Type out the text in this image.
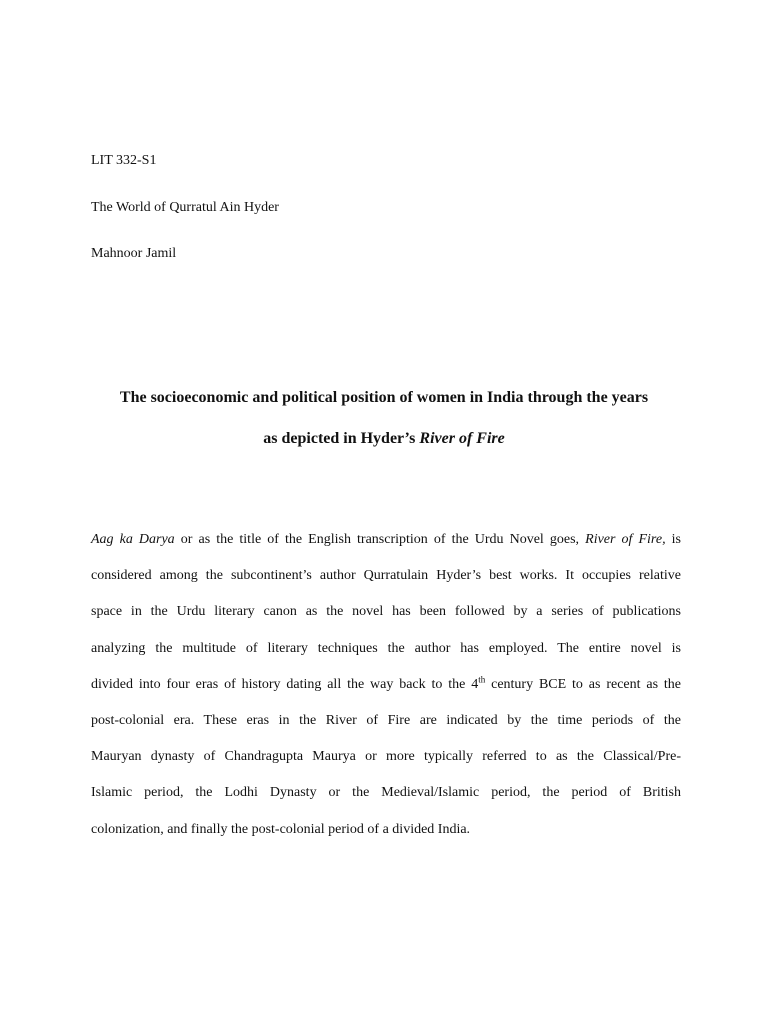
LIT 332-S1
The World of Qurratul Ain Hyder
Mahnoor Jamil
The socioeconomic and political position of women in India through the years
as depicted in Hyder’s River of Fire
Aag ka Darya or as the title of the English transcription of the Urdu Novel goes, River of Fire, is
considered among the subcontinent’s author Qurratulain Hyder’s best works. It occupies relative
space in the Urdu literary canon as the novel has been followed by a series of publications
analyzing the multitude of literary techniques the author has employed. The entire novel is
divided into four eras of history dating all the way back to the 4th century BCE to as recent as the
post-colonial era. These eras in the River of Fire are indicated by the time periods of the
Mauryan dynasty of Chandragupta Maurya or more typically referred to as the Classical/Pre-
Islamic period, the Lodhi Dynasty or the Medieval/Islamic period, the period of British
colonization, and finally the post-colonial period of a divided India.
